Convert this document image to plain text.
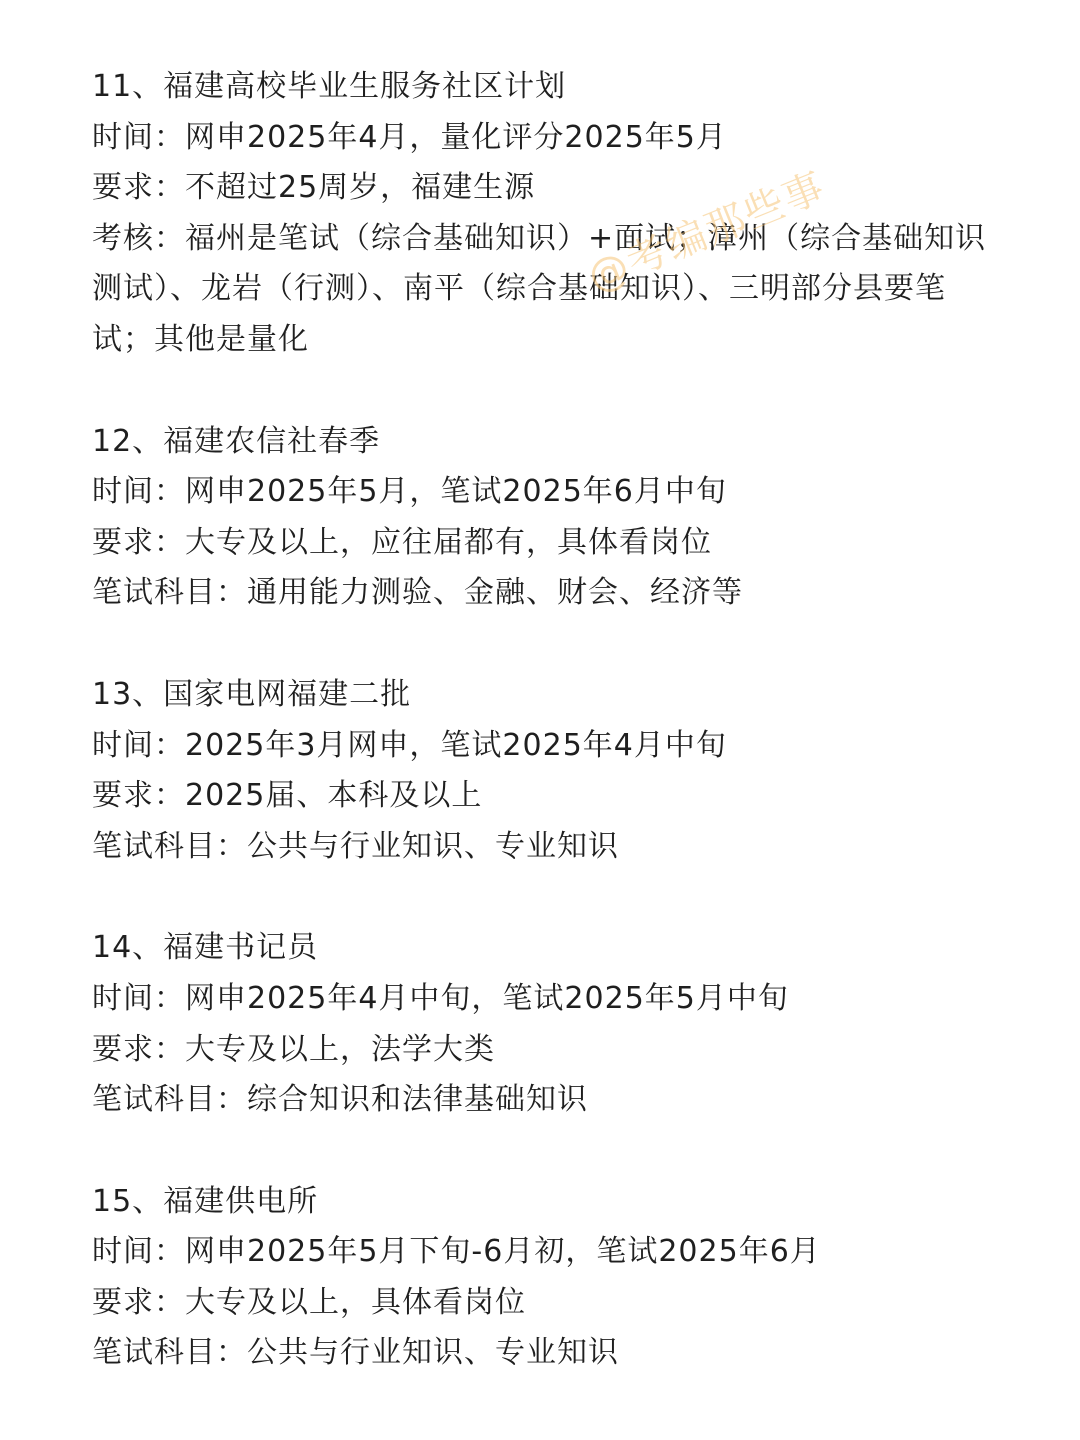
11、福建高校毕业生服务社区计划
时间：网申2025年4月，量化评分2025年5月
要求：不超过25周岁，福建生源
考核：福州是笔试（综合基础知识）+面试；漳州（综合基础知识测试）、龙岩（行测）、南平（综合基础知识）、三明部分县要笔试；其他是量化
12、福建农信社春季
时间：网申2025年5月，笔试2025年6月中旬
要求：大专及以上，应往届都有，具体看岗位
笔试科目：通用能力测验、金融、财会、经济等
13、国家电网福建二批
时间：2025年3月网申，笔试2025年4月中旬
要求：2025届、本科及以上
笔试科目：公共与行业知识、专业知识
14、福建书记员
时间：网申2025年4月中旬，笔试2025年5月中旬
要求：大专及以上，法学大类
笔试科目：综合知识和法律基础知识
15、福建供电所
时间：网申2025年5月下旬-6月初，笔试2025年6月
要求：大专及以上，具体看岗位
笔试科目：公共与行业知识、专业知识
@考编那些事
